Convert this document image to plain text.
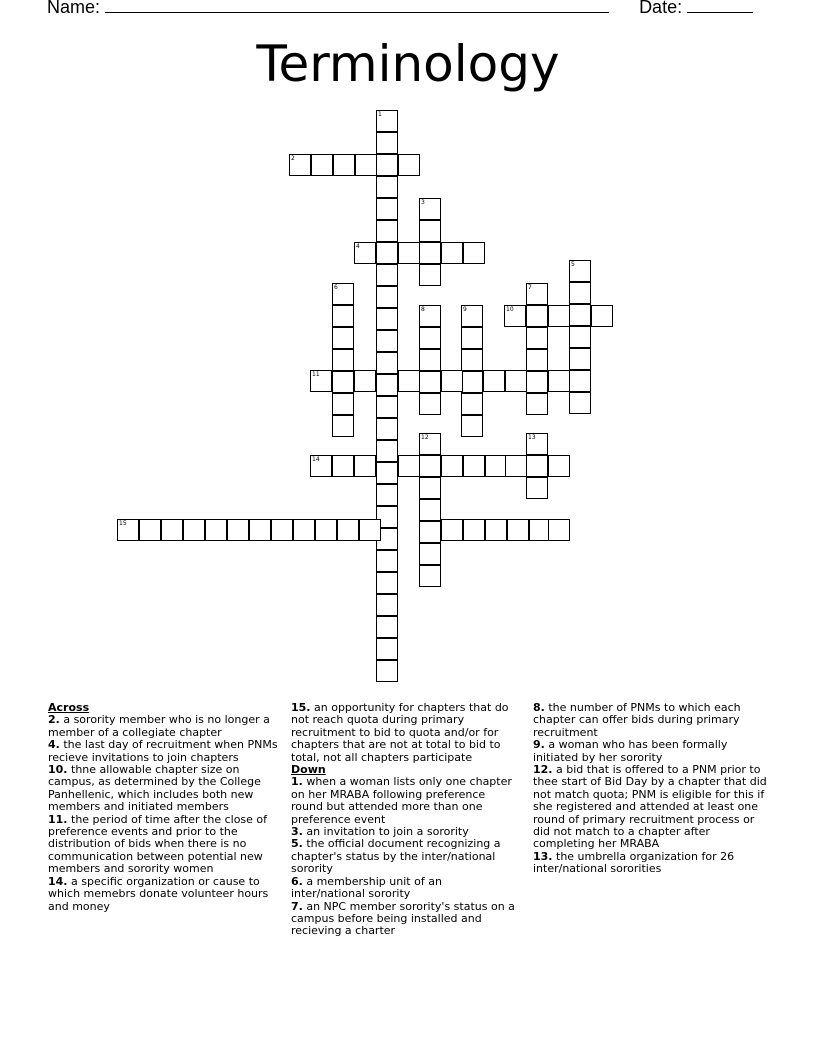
Name:	Date:
Terminology
1
2
3
4
5
6	7
8	9	10
11
12	13
14
15
Across
2. a sorority member who is no longer a member of a collegiate chapter
4. the last day of recruitment when PNMs recieve invitations to join chapters
10. thne allowable chapter size on campus, as determined by the College Panhellenic, which includes both new members and initiated members
11. the period of time after the close of preference events and prior to the distribution of bids when there is no communication between potential new members and sorority women
14. a specific organization or cause to which memebrs donate volunteer hours and money
15. an opportunity for chapters that do not reach quota during primary recruitment to bid to quota and/or for chapters that are not at total to bid to total, not all chapters participate
Down
1. when a woman lists only one chapter on her MRABA following preference round but attended more than one preference event
3. an invitation to join a sorority
5. the official document recognizing a chapter's status by the inter/national sorority
6. a membership unit of an inter/national sorority
7. an NPC member sorority's status on a campus before being installed and recieving a charter
8. the number of PNMs to which each chapter can offer bids during primary recruitment
9. a woman who has been formally initiated by her sorority
12. a bid that is offered to a PNM prior to thee start of Bid Day by a chapter that did not match quota; PNM is eligible for this if she registered and attended at least one round of primary recruitment process or did not match to a chapter after completing her MRABA
13. the umbrella organization for 26 inter/national sororities
